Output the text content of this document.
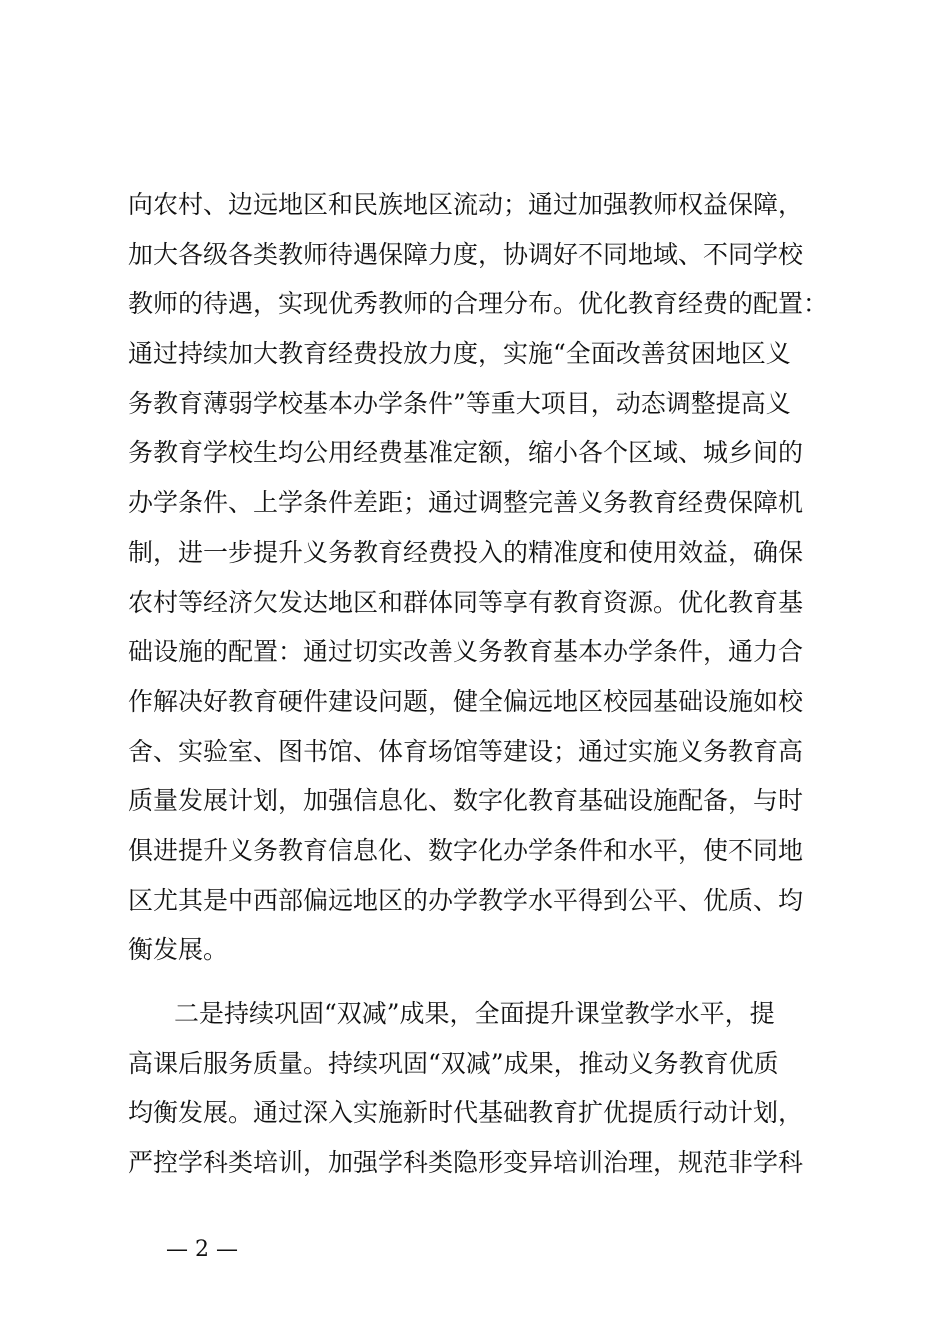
向农村、边远地区和民族地区流动；通过加强教师权益保障，
加大各级各类教师待遇保障力度，协调好不同地域、不同学校
教师的待遇，实现优秀教师的合理分布。优化教育经费的配置：
通过持续加大教育经费投放力度，实施“全面改善贫困地区义
务教育薄弱学校基本办学条件”等重大项目，动态调整提高义
务教育学校生均公用经费基准定额，缩小各个区域、城乡间的
办学条件、上学条件差距；通过调整完善义务教育经费保障机
制，进一步提升义务教育经费投入的精准度和使用效益，确保
农村等经济欠发达地区和群体同等享有教育资源。优化教育基
础设施的配置：通过切实改善义务教育基本办学条件，通力合
作解决好教育硬件建设问题，健全偏远地区校园基础设施如校
舍、实验室、图书馆、体育场馆等建设；通过实施义务教育高
质量发展计划，加强信息化、数字化教育基础设施配备，与时
俱进提升义务教育信息化、数字化办学条件和水平，使不同地
区尤其是中西部偏远地区的办学教学水平得到公平、优质、均
衡发展。
二是持续巩固“双减”成果，全面提升课堂教学水平，提
高课后服务质量。持续巩固“双减”成果，推动义务教育优质
均衡发展。通过深入实施新时代基础教育扩优提质行动计划，
严控学科类培训，加强学科类隐形变异培训治理，规范非学科
— 2 —
